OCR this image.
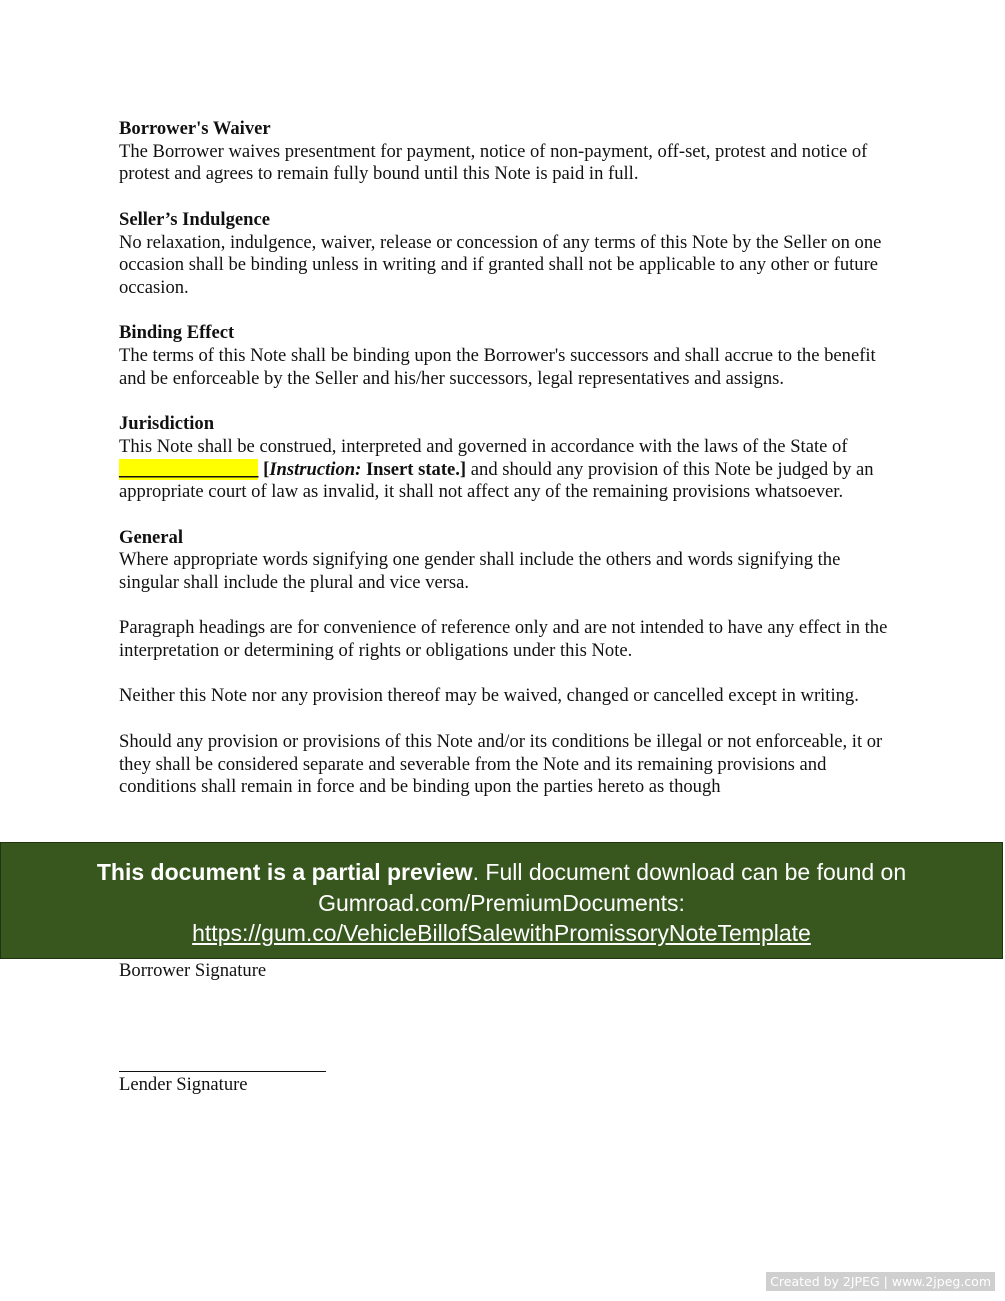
Borrower's Waiver
The Borrower waives presentment for payment, notice of non-payment, off-set, protest and notice of protest and agrees to remain fully bound until this Note is paid in full.
Seller’s Indulgence
No relaxation, indulgence, waiver, release or concession of any terms of this Note by the Seller on one occasion shall be binding unless in writing and if granted shall not be applicable to any other or future occasion.
Binding Effect
The terms of this Note shall be binding upon the Borrower's successors and shall accrue to the benefit and be enforceable by the Seller and his/her successors, legal representatives and assigns.
Jurisdiction
This Note shall be construed, interpreted and governed in accordance with the laws of the State of _______________ [Instruction: Insert state.] and should any provision of this Note be judged by an appropriate court of law as invalid, it shall not affect any of the remaining provisions whatsoever.
General
Where appropriate words signifying one gender shall include the others and words signifying the singular shall include the plural and vice versa.
Paragraph headings are for convenience of reference only and are not intended to have any effect in the interpretation or determining of rights or obligations under this Note.
Neither this Note nor any provision thereof may be waived, changed or cancelled except in writing.
Should any provision or provisions of this Note and/or its conditions be illegal or not enforceable, it or they shall be considered separate and severable from the Note and its remaining provisions and conditions shall remain in force and be binding upon the parties hereto as though
Borrower Signature
Lender Signature
This document is a partial preview. Full document download can be found on Gumroad.com/PremiumDocuments:
https://gum.co/VehicleBillofSalewithPromissoryNoteTemplate
Created by 2JPEG | www.2jpeg.com
